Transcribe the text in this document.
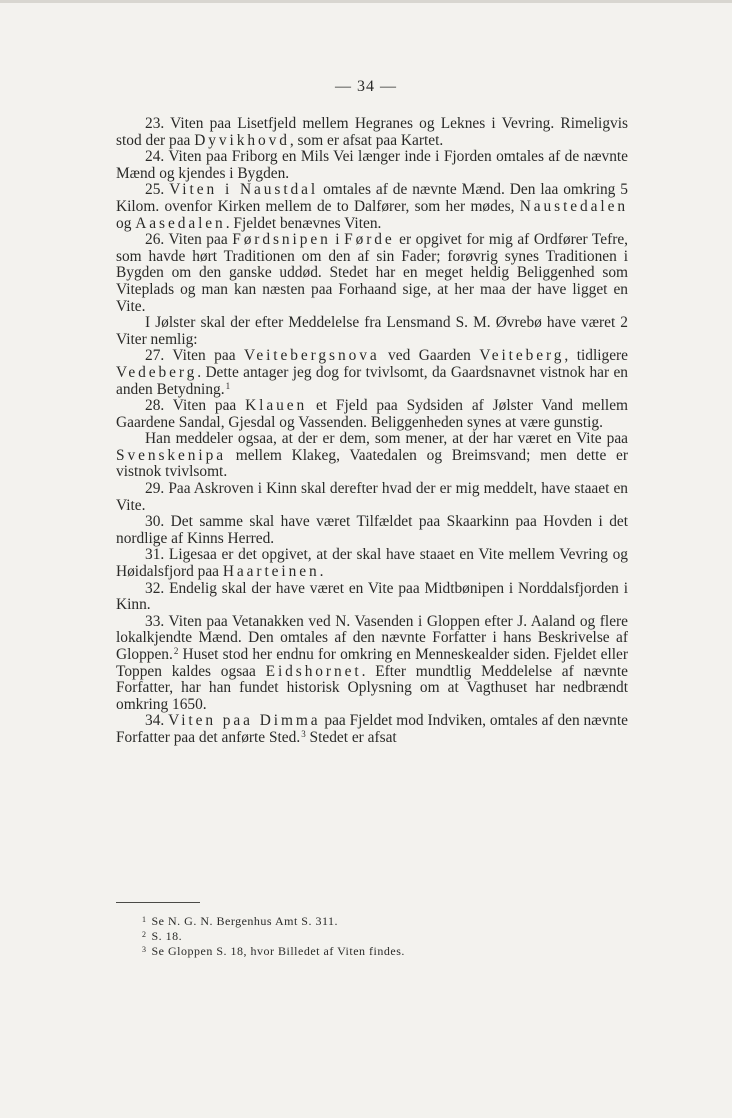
— 34 —

23. Viten paa Lisetfjeld mellem Hegranes og Leknes i Vevring. Rimeligvis stod der paa Dyvikhovd, som er afsat paa Kartet.

24. Viten paa Friborg en Mils Vei længer inde i Fjorden omtales af de nævnte Mænd og kjendes i Bygden.

25. Viten i Naustdal omtales af de nævnte Mænd. Den laa omkring 5 Kilom. ovenfor Kirken mellem de to Dalfører, som her mødes, Naustedalen og Aasedalen. Fjeldet benævnes Viten.

26. Viten paa Førdsnipen i Førde er opgivet for mig af Ordfører Tefre, som havde hørt Traditionen om den af sin Fader; forøvrig synes Traditionen i Bygden om den ganske uddød. Stedet har en meget heldig Beliggenhed som Viteplads og man kan næsten paa Forhaand sige, at her maa der have ligget en Vite.

I Jølster skal der efter Meddelelse fra Lensmand S. M. Øvrebø have været 2 Viter nemlig:

27. Viten paa Veitebergsnova ved Gaarden Veiteberg, tidligere Vedeberg. Dette antager jeg dog for tvivlsomt, da Gaardsnavnet vistnok har en anden Betydning.$^1$

28. Viten paa Klauen et Fjeld paa Sydsiden af Jølster Vand mellem Gaardene Sandal, Gjesdal og Vassenden. Beliggenheden synes at være gunstig.

Han meddeler ogsaa, at der er dem, som mener, at der har været en Vite paa Svenskenipa mellem Klakeg, Vaatedalen og Breimsvand; men dette er vistnok tvivlsomt.

29. Paa Askroven i Kinn skal derefter hvad der er mig meddelt, have staaet en Vite.

30. Det samme skal have været Tilfældet paa Skaarkinn paa Hovden i det nordlige af Kinns Herred.

31. Ligesaa er det opgivet, at der skal have staaet en Vite mellem Vevring og Høidalsfjord paa Haarteinen.

32. Endelig skal der have været en Vite paa Midtbønipen i Norddalsfjorden i Kinn.

33. Viten paa Vetanakken ved N. Vasenden i Gloppen efter J. Aaland og flere lokalkjendte Mænd. Den omtales af den nævnte Forfatter i hans Beskrivelse af Gloppen.$^2$ Huset stod her endnu for omkring en Menneskealder siden. Fjeldet eller Toppen kaldes ogsaa Eidshornet. Efter mundtlig Meddelelse af nævnte Forfatter, har han fundet historisk Oplysning om at Vagthuset har nedbrændt omkring 1650.

34. Viten paa Dimma paa Fjeldet mod Indviken, omtales af den nævnte Forfatter paa det anførte Sted.$^3$ Stedet er afsat

$^1$ Se N. G. N. Bergenhus Amt S. 311.
$^2$ S. 18.
$^3$ Se Gloppen S. 18, hvor Billedet af Viten findes.
